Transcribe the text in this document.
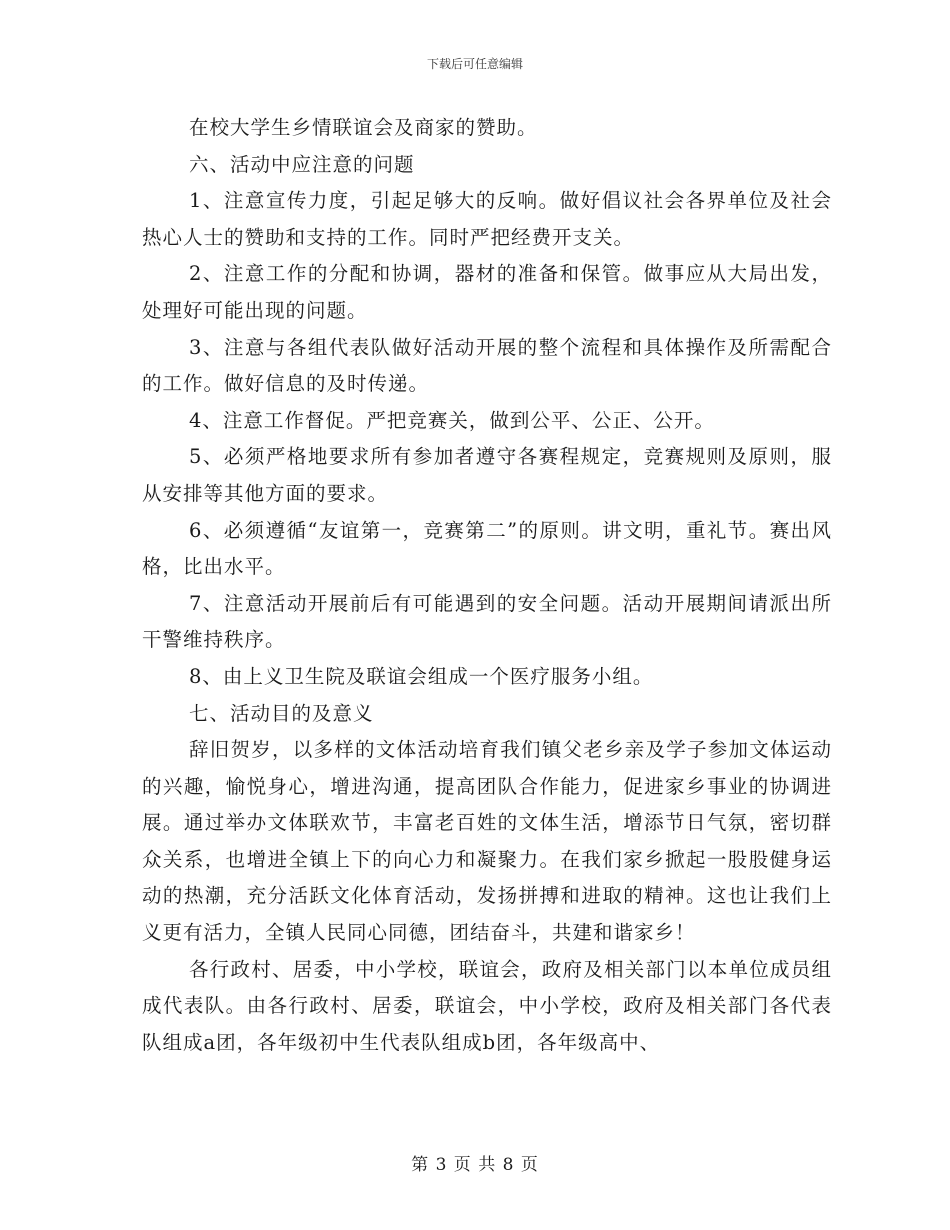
下载后可任意编辑

在校大学生乡情联谊会及商家的赞助。

六、活动中应注意的问题

1、注意宣传力度，引起足够大的反响。做好倡议社会各界单位及社会热心人士的赞助和支持的工作。同时严把经费开支关。

2、注意工作的分配和协调，器材的准备和保管。做事应从大局出发，处理好可能出现的问题。

3、注意与各组代表队做好活动开展的整个流程和具体操作及所需配合的工作。做好信息的及时传递。

4、注意工作督促。严把竞赛关，做到公平、公正、公开。

5、必须严格地要求所有参加者遵守各赛程规定，竞赛规则及原则，服从安排等其他方面的要求。

6、必须遵循“友谊第一，竞赛第二”的原则。讲文明，重礼节。赛出风格，比出水平。

7、注意活动开展前后有可能遇到的安全问题。活动开展期间请派出所干警维持秩序。

8、由上义卫生院及联谊会组成一个医疗服务小组。

七、活动目的及意义

辞旧贺岁，以多样的文体活动培育我们镇父老乡亲及学子参加文体运动的兴趣，愉悦身心，增进沟通，提高团队合作能力，促进家乡事业的协调进展。通过举办文体联欢节，丰富老百姓的文体生活，增添节日气氛，密切群众关系，也增进全镇上下的向心力和凝聚力。在我们家乡掀起一股股健身运动的热潮，充分活跃文化体育活动，发扬拼搏和进取的精神。这也让我们上义更有活力，全镇人民同心同德，团结奋斗，共建和谐家乡！

各行政村、居委，中小学校，联谊会，政府及相关部门以本单位成员组成代表队。由各行政村、居委，联谊会，中小学校，政府及相关部门各代表队组成a团，各年级初中生代表队组成b团，各年级高中、

第 3 页 共 8 页
